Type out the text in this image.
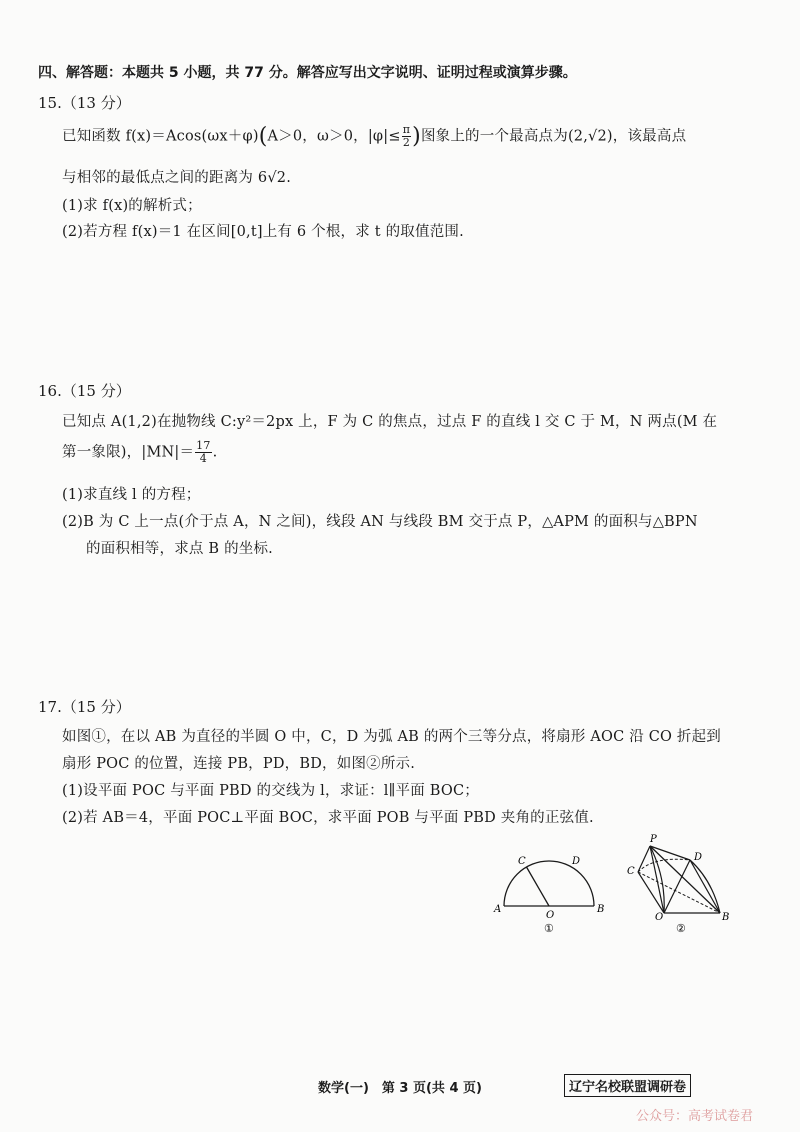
四、解答题：本题共 5 小题，共 77 分。解答应写出文字说明、证明过程或演算步骤。
15.（13 分）
已知函数 f(x)＝Acos(ωx＋φ)(A＞0，ω＞0，$|\varphi|\le \frac{\pi}{2}$ )图象上的一个最高点为(2,√2)，该最高点
与相邻的最低点之间的距离为 6√2.
(1)求 f(x)的解析式；
(2)若方程 f(x)＝1 在区间[0,t]上有 6 个根，求 t 的取值范围.
16.（15 分）
已知点 A(1,2)在抛物线 C:y²＝2px 上，F 为 C 的焦点，过点 F 的直线 l 交 C 于 M，N 两点(M 在
第一象限)，$|MN|= \frac{17}{4}$ .
(1)求直线 l 的方程；
(2)B 为 C 上一点(介于点 A，N 之间)，线段 AN 与线段 BM 交于点 P，△APM 的面积与△BPN
的面积相等，求点 B 的坐标.
17.（15 分）
如图①，在以 AB 为直径的半圆 O 中，C，D 为弧 AB 的两个三等分点，将扇形 AOC 沿 CO 折起到
扇形 POC 的位置，连接 PB，PD，BD，如图②所示.
(1)设平面 POC 与平面 PBD 的交线为 l，求证：l∥平面 BOC；
(2)若 AB＝4，平面 POC⊥平面 BOC，求平面 POB 与平面 PBD 夹角的正弦值.
C	D
A	B
O
①
P
C
D
O	B
②
数学(一)　第 3 页(共 4 页)	辽宁名校联盟调研卷
公众号：高考试卷君
